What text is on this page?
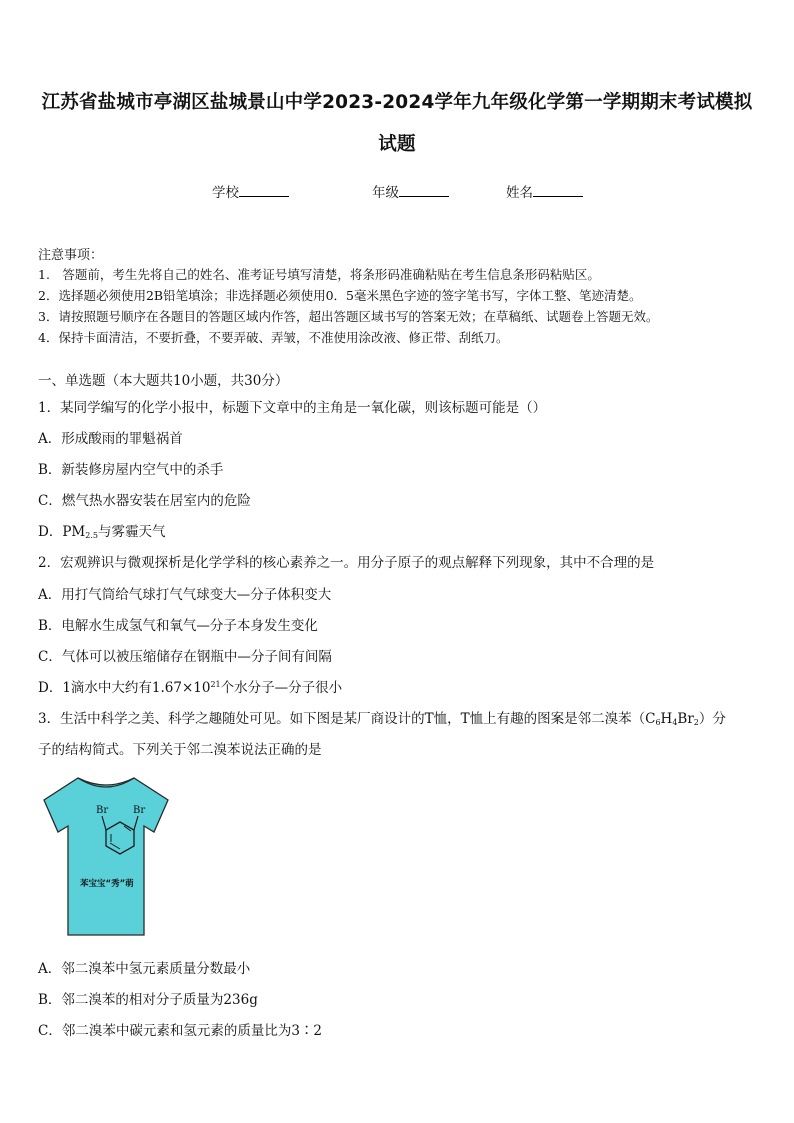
江苏省盐城市亭湖区盐城景山中学2023-2024学年九年级化学第一学期期末考试模拟
试题
学校	年级	姓名
注意事项：
1.　答题前，考生先将自己的姓名、准考证号填写清楚，将条形码准确粘贴在考生信息条形码粘贴区。
2．选择题必须使用2B铅笔填涂；非选择题必须使用0．5毫米黑色字迹的签字笔书写，字体工整、笔迹清楚。
3．请按照题号顺序在各题目的答题区域内作答，超出答题区域书写的答案无效；在草稿纸、试题卷上答题无效。
4．保持卡面清洁，不要折叠，不要弄破、弄皱，不准使用涂改液、修正带、刮纸刀。
一、单选题（本大题共10小题，共30分）
1．某同学编写的化学小报中，标题下文章中的主角是一氧化碳，则该标题可能是（）
A．形成酸雨的罪魁祸首
B．新装修房屋内空气中的杀手
C．燃气热水器安装在居室内的危险
D．$PM_{2.5}$与雾霾天气
2．宏观辨识与微观探析是化学学科的核心素养之一。用分子原子的观点解释下列现象，其中不合理的是
A．用打气筒给气球打气气球变大—分子体积变大
B．电解水生成氢气和氧气—分子本身发生变化
C．气体可以被压缩储存在钢瓶中—分子间有间隔
D．1滴水中大约有$1.67\times 10^{21}$个水分子—分子很小
3．生活中科学之美、科学之趣随处可见。如下图是某厂商设计的T恤，T恤上有趣的图案是邻二溴苯$(C_6H_4Br_2)$分
子的结构简式。下列关于邻二溴苯说法正确的是
Br Br
苯宝宝“秀”萌
A．邻二溴苯中氢元素质量分数最小
B．邻二溴苯的相对分子质量为236g
C．邻二溴苯中碳元素和氢元素的质量比为3∶2
